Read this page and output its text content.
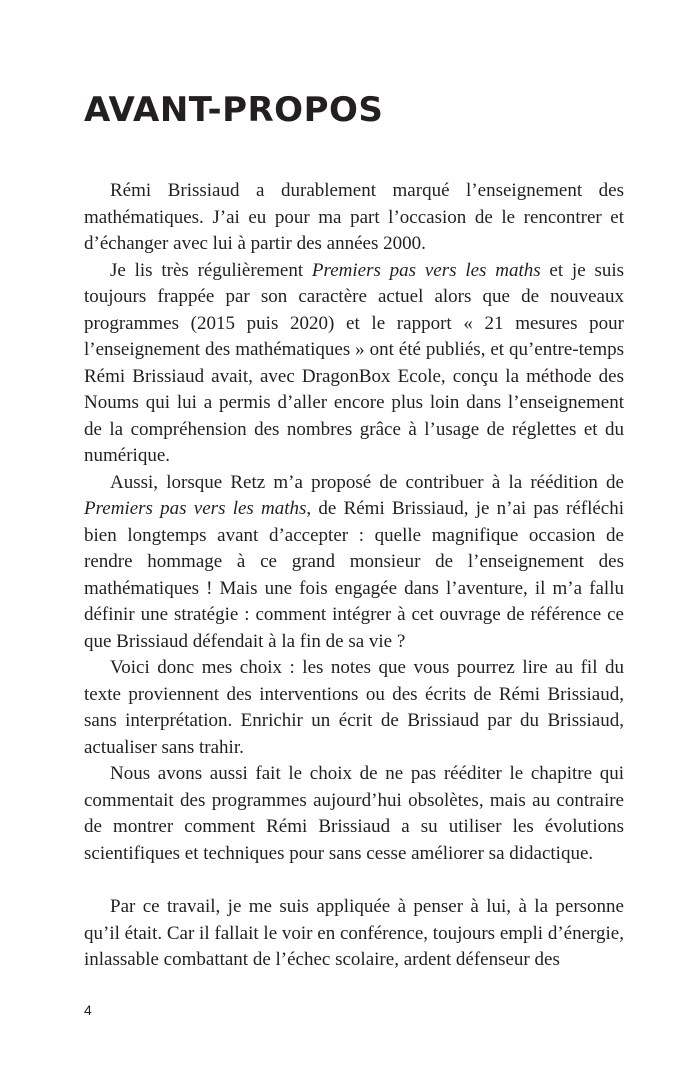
AVANT-PROPOS

Rémi Brissiaud a durablement marqué l’enseignement des mathématiques. J’ai eu pour ma part l’occasion de le rencontrer et d’échanger avec lui à partir des années 2000.

Je lis très régulièrement Premiers pas vers les maths et je suis toujours frappée par son caractère actuel alors que de nouveaux programmes (2015 puis 2020) et le rapport « 21 mesures pour l’enseignement des mathématiques » ont été publiés, et qu’entre-temps Rémi Brissiaud avait, avec DragonBox Ecole, conçu la méthode des Noums qui lui a permis d’aller encore plus loin dans l’enseignement de la compréhension des nombres grâce à l’usage de réglettes et du numérique.

Aussi, lorsque Retz m’a proposé de contribuer à la réédition de Premiers pas vers les maths, de Rémi Brissiaud, je n’ai pas réfléchi bien longtemps avant d’accepter : quelle magnifique occasion de rendre hommage à ce grand monsieur de l’enseignement des mathématiques ! Mais une fois engagée dans l’aventure, il m’a fallu définir une stratégie : comment intégrer à cet ouvrage de référence ce que Brissiaud défendait à la fin de sa vie ?

Voici donc mes choix : les notes que vous pourrez lire au fil du texte proviennent des interventions ou des écrits de Rémi Brissiaud, sans interprétation. Enrichir un écrit de Brissiaud par du Brissiaud, actualiser sans trahir.

Nous avons aussi fait le choix de ne pas rééditer le chapitre qui commentait des programmes aujourd’hui obsolètes, mais au contraire de montrer comment Rémi Brissiaud a su utiliser les évolutions scientifiques et techniques pour sans cesse améliorer sa didactique.

Par ce travail, je me suis appliquée à penser à lui, à la personne qu’il était. Car il fallait le voir en conférence, toujours empli d’énergie, inlassable combattant de l’échec scolaire, ardent défenseur des

4
